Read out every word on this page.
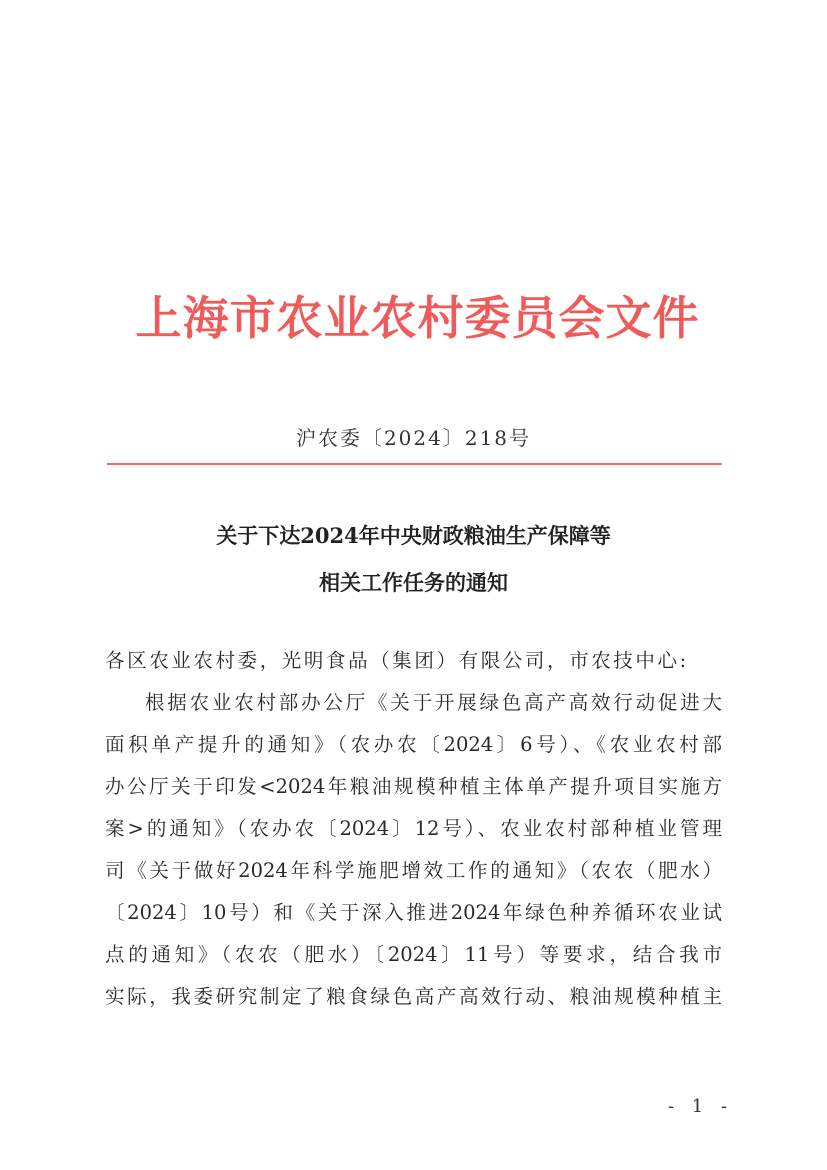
上海市农业农村委员会文件
沪农委〔2024〕218号
关于下达2024年中央财政粮油生产保障等
相关工作任务的通知
各区农业农村委，光明食品（集团）有限公司，市农技中心:
根据农业农村部办公厅《关于开展绿色高产高效行动促进大
面积单产提升的通知》（农办农〔2024〕6号）、《农业农村部
办公厅关于印发<2024年粮油规模种植主体单产提升项目实施方
案>的通知》（农办农〔2024〕12号）、农业农村部种植业管理
司《关于做好2024年科学施肥增效工作的通知》（农农（肥水）
〔2024〕10号）和《关于深入推进2024年绿色种养循环农业试
点的通知》（农农（肥水）〔2024〕11号）等要求，结合我市
实际，我委研究制定了粮食绿色高产高效行动、粮油规模种植主
- 1 -
